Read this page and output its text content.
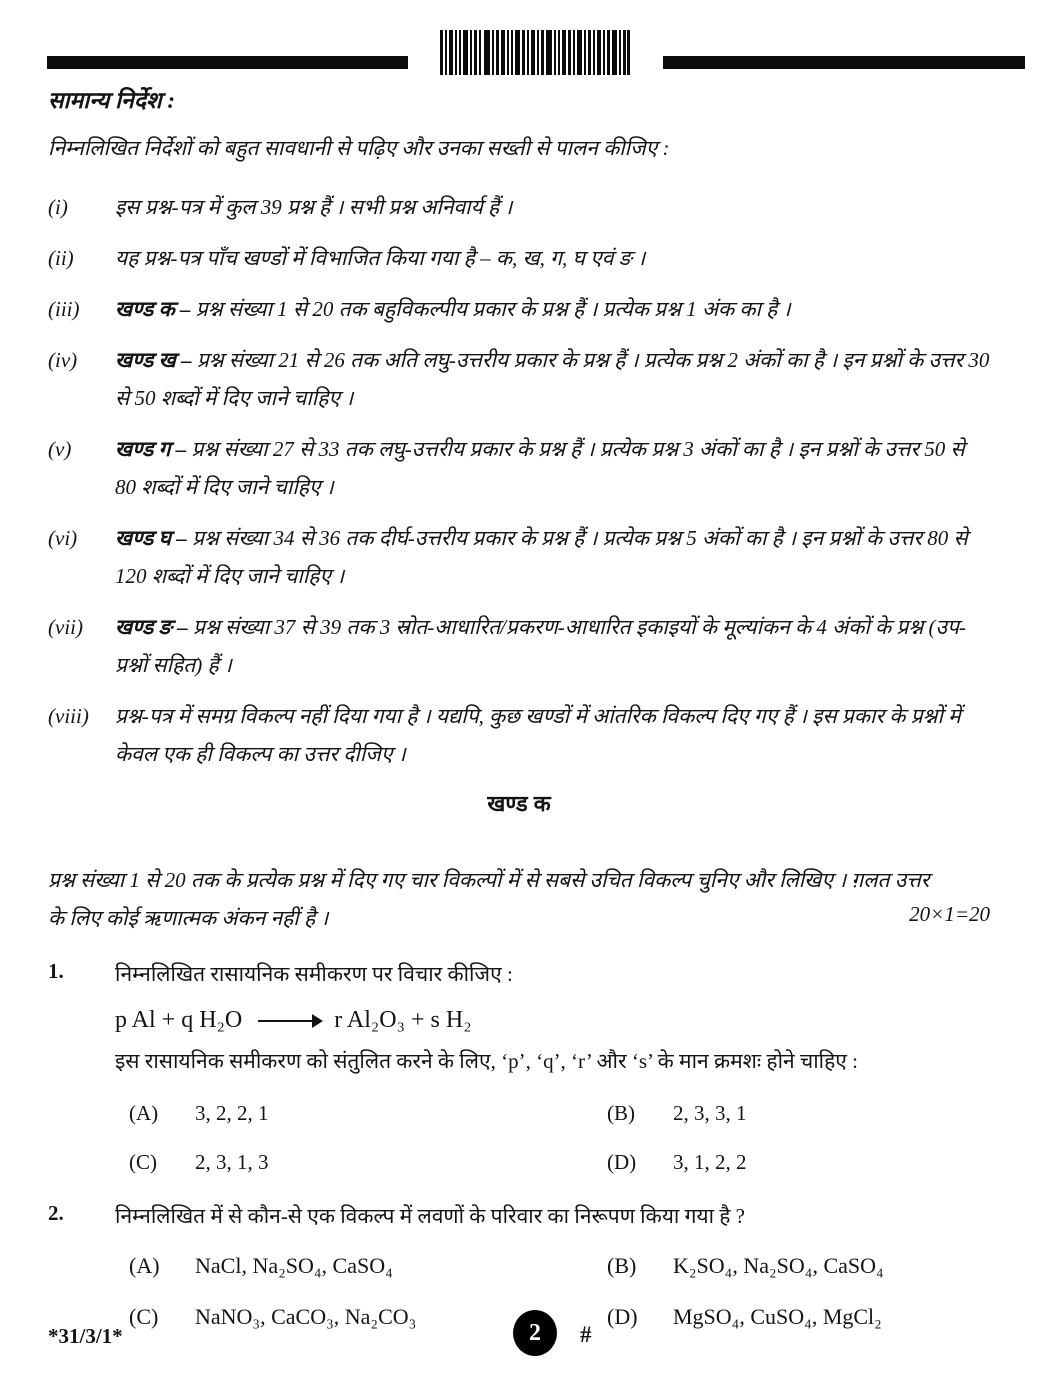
सामान्य निर्देश :
निम्नलिखित निर्देशों को बहुत सावधानी से पढ़िए और उनका सख्ती से पालन कीजिए :
(i)	इस प्रश्न-पत्र में कुल 39 प्रश्न हैं । सभी प्रश्न अनिवार्य हैं ।
(ii)	यह प्रश्न-पत्र पाँच खण्डों में विभाजित किया गया है – क, ख, ग, घ एवं ङ ।
(iii)	खण्ड क – प्रश्न संख्या 1 से 20 तक बहुविकल्पीय प्रकार के प्रश्न हैं । प्रत्येक प्रश्न 1 अंक का है ।
(iv)	खण्ड ख – प्रश्न संख्या 21 से 26 तक अति लघु-उत्तरीय प्रकार के प्रश्न हैं । प्रत्येक प्रश्न 2 अंकों का है । इन प्रश्नों के उत्तर 30 से 50 शब्दों में दिए जाने चाहिए ।
(v)	खण्ड ग – प्रश्न संख्या 27 से 33 तक लघु-उत्तरीय प्रकार के प्रश्न हैं । प्रत्येक प्रश्न 3 अंकों का है । इन प्रश्नों के उत्तर 50 से 80 शब्दों में दिए जाने चाहिए ।
(vi)	खण्ड घ – प्रश्न संख्या 34 से 36 तक दीर्घ-उत्तरीय प्रकार के प्रश्न हैं । प्रत्येक प्रश्न 5 अंकों का है । इन प्रश्नों के उत्तर 80 से 120 शब्दों में दिए जाने चाहिए ।
(vii)	खण्ड ङ – प्रश्न संख्या 37 से 39 तक 3 स्रोत-आधारित/प्रकरण-आधारित इकाइयों के मूल्यांकन के 4 अंकों के प्रश्न (उप-प्रश्नों सहित) हैं ।
(viii)	प्रश्न-पत्र में समग्र विकल्प नहीं दिया गया है । यद्यपि, कुछ खण्डों में आंतरिक विकल्प दिए गए हैं । इस प्रकार के प्रश्नों में केवल एक ही विकल्प का उत्तर दीजिए ।
खण्ड क

प्रश्न संख्या 1 से 20 तक के प्रत्येक प्रश्न में दिए गए चार विकल्पों में से सबसे उचित विकल्प चुनिए और लिखिए । ग़लत उत्तर के लिए कोई ऋणात्मक अंकन नहीं है ।	20×1=20
1.	निम्नलिखित रासायनिक समीकरण पर विचार कीजिए :
p Al + q H₂O → r Al₂O₃ + s H₂
इस रासायनिक समीकरण को संतुलित करने के लिए, ‘p’, ‘q’, ‘r’ और ‘s’ के मान क्रमशः होने चाहिए :
(A)	3, 2, 2, 1	(B)	2, 3, 3, 1
(C)	2, 3, 1, 3	(D)	3, 1, 2, 2
2.	निम्नलिखित में से कौन-से एक विकल्प में लवणों के परिवार का निरूपण किया गया है ?
(A)	NaCl, Na₂SO₄, CaSO₄	(B)	K₂SO₄, Na₂SO₄, CaSO₄
(C)	NaNO₃, CaCO₃, Na₂CO₃	(D)	MgSO₄, CuSO₄, MgCl₂
*31/3/1*	2	#
